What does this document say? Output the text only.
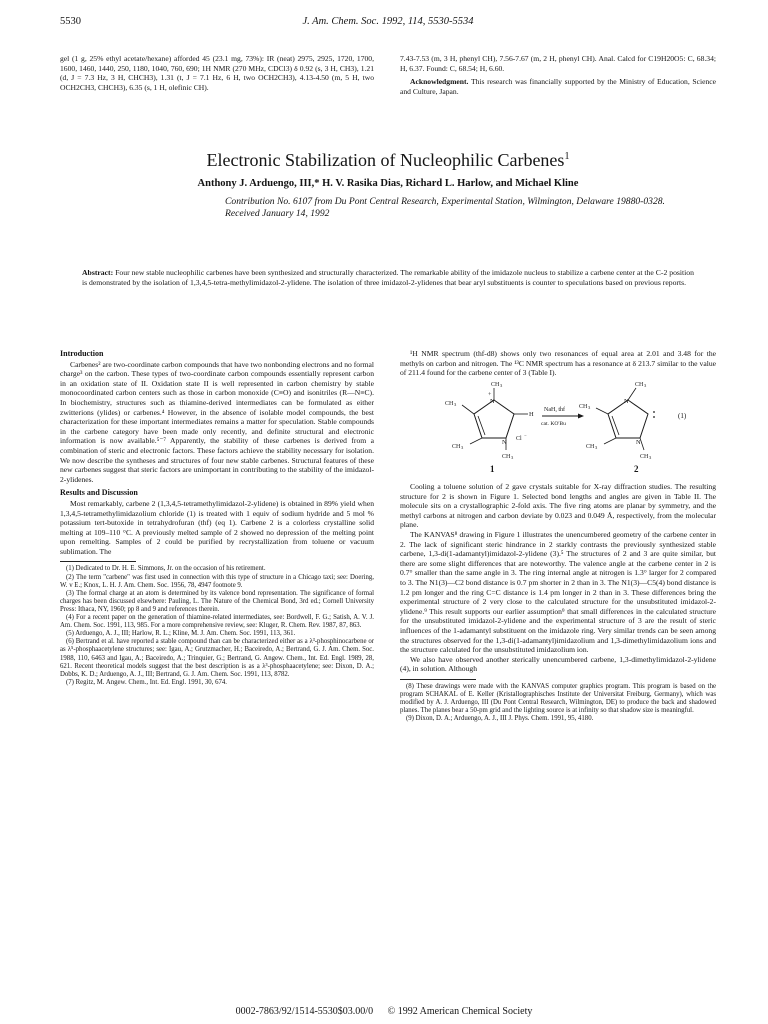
5530	J. Am. Chem. Soc. 1992, 114, 5530-5534

gel (1 g, 25% ethyl acetate/hexane) afforded 45 (23.1 mg, 73%): IR (neat) 2975, 2925, 1720, 1700, 1600, 1460, 1440, 250, 1180, 1040, 760, 690; 1H NMR (270 MHz, CDCl3) δ 0.92 (s, 3 H, CH3), 1.21 (d, J = 7.3 Hz, 3 H, CHCH3), 1.31 (t, J = 7.1 Hz, 6 H, two OCH2CH3), 4.13-4.50 (m, 5 H, two OCH2CH3, CHCH3), 6.35 (s, 1 H, olefinic CH).

7.43-7.53 (m, 3 H, phenyl CH), 7.56-7.67 (m, 2 H, phenyl CH). Anal. Calcd for C19H20O5: C, 68.34; H, 6.37. Found: C, 68.54; H, 6.60.

Acknowledgment. This research was financially supported by the Ministry of Education, Science and Culture, Japan.

Electronic Stabilization of Nucleophilic Carbenes$^1$
Anthony J. Arduengo, III,* H. V. Rasika Dias, Richard L. Harlow, and Michael Kline
Contribution No. 6107 from Du Pont Central Research, Experimental Station, Wilmington, Delaware 19880-0328.   Received January 14, 1992
Abstract: Four new stable nucleophilic carbenes have been synthesized and structurally characterized. The remarkable ability of the imidazole nucleus to stabilize a carbene center at the C-2 position is demonstrated by the isolation of 1,3,4,5-tetra-methylimidazol-2-ylidene. The isolation of three imidazol-2-ylidenes that bear aryl substituents is counter to speculations based on previous reports.

Introduction

Carbenes² are two-coordinate carbon compounds that have two nonbonding electrons and no formal charge³ on the carbon. These types of two-coordinate carbon compounds essentially represent carbon in an oxidation state of II. Oxidation state II is well represented in carbon chemistry by stable monocoordinated carbon centers such as those in carbon monoxide (C≡O) and isonitriles (R—N≡C). In biochemistry, structures such as thiamine-derived intermediates can be formulated as either zwitterions (ylides) or carbenes.⁴ However, in the absence of isolable model compounds, the best characterization for these important intermediates remains a matter for speculation. Stable compounds in the carbene category have been made only recently, and definite structural and electronic information is now available.⁵⁻⁷ Apparently, the stability of these carbenes is derived from a combination of steric and electronic factors. These factors achieve the stability necessary for isolation. We now describe the syntheses and structures of four new stable carbenes. Structural features of these new carbenes suggest that steric factors are unimportant in contributing to the stability of the imidazol-2-ylidenes.

Results and Discussion

Most remarkably, carbene 2 (1,3,4,5-tetramethylimidazol-2-ylidene) is obtained in 89% yield when 1,3,4,5-tetramethylimidazolium chloride (1) is treated with 1 equiv of sodium hydride and 5 mol % potassium tert-butoxide in tetrahydrofuran (thf) (eq 1). Carbene 2 is a colorless crystalline solid melting at 109–110 °C. A previously melted sample of 2 showed no depression of the melting point upon remelting. Samples of 2 could be purified by recrystallization from toluene or vacuum sublimation. The

(1) Dedicated to Dr. H. E. Simmons, Jr. on the occasion of his retirement.

(2) The term "carbene" was first used in connection with this type of structure in a Chicago taxi; see: Doering, W. v E.; Knox, L. H. J. Am. Chem. Soc. 1956, 78, 4947 footnote 9.

(3) The formal charge at an atom is determined by its valence bond representation. The significance of formal charges has been discussed elsewhere: Pauling, L. The Nature of the Chemical Bond, 3rd ed.; Cornell University Press: Ithaca, NY, 1960; pp 8 and 9 and references therein.

(4) For a recent paper on the generation of thiamine-related intermediates, see: Bordwell, F. G.; Satish, A. V. J. Am. Chem. Soc. 1991, 113, 985. For a more comprehensive review, see: Kluger, R. Chem. Rev. 1987, 87, 863.

(5) Arduengo, A. J., III; Harlow, R. L.; Kline, M. J. Am. Chem. Soc. 1991, 113, 361.

(6) Bertrand et al. have reported a stable compound than can be characterized either as a λ³-phosphinocarbene or as λ⁵-phosphaacetylene structures; see: Igau, A.; Grutzmacher, H.; Baceiredo, A.; Bertrand, G. J. Am. Chem. Soc. 1988, 110, 6463 and Igau, A.; Baceiredo, A.; Trinquier, G.; Bertrand, G. Angew. Chem., Int. Ed. Engl. 1989, 28, 621. Recent theoretical models suggest that the best description is as a λ³-phosphaacetylene; see: Dixon, D. A.; Dobbs, K. D.; Arduengo, A. J., III; Bertrand, G. J. Am. Chem. Soc. 1991, 113, 8782.

(7) Regitz, M. Angew. Chem., Int. Ed. Engl. 1991, 30, 674.

¹H NMR spectrum (thf-d8) shows only two resonances of equal area at 2.01 and 3.48 for the methyls on carbon and nitrogen. The ¹³C NMR spectrum has a resonance at δ 213.7 similar to the value of 211.4 found for the carbene center of 3 (Table I).

CH 3
N
+
H
CH 3
CH 3
N Cl
−
CH 3
1
NaH, thf
cat. KO'Bu
CH 3
N
CH 3
CH 3
N
CH 3
2
(1)

Cooling a toluene solution of 2 gave crystals suitable for X-ray diffraction studies. The resulting structure for 2 is shown in Figure 1. Selected bond lengths and angles are given in Table II. The molecule sits on a crystallographic 2-fold axis. The five ring atoms are planar by symmetry, and the methyl carbons at nitrogen and carbon deviate by 0.023 and 0.049 Å, respectively, from the molecular plane.

The KANVAS⁸ drawing in Figure 1 illustrates the unencumbered geometry of the carbene center in 2. The lack of significant steric hindrance in 2 starkly contrasts the previously synthesized stable carbene, 1,3-di(1-adamantyl)imidazol-2-ylidene (3).⁵ The structures of 2 and 3 are quite similar, but there are some slight differences that are noteworthy. The valence angle at the carbene center in 2 is 0.7° smaller than the same angle in 3. The ring internal angle at nitrogen is 1.3° larger for 2 compared to 3. The N1(3)—C2 bond distance is 0.7 pm shorter in 2 than in 3. The N1(3)—C5(4) bond distance is 1.2 pm longer and the ring C=C distance is 1.4 pm longer in 2 than in 3. These differences bring the experimental structure of 2 very close to the calculated structure for the unsubstituted imidazol-2-ylidene.⁹ This result supports our earlier assumption⁹ that small differences in the calculated structure for the unsubstituted imidazol-2-ylidene and the experimental structure of 3 are the result of steric influences of the 1-adamantyl substituent on the imidazole ring. Very similar trends can be seen among the structures observed for the 1,3-di(1-adamantyl)imidazolium and 1,3-dimethylimidazolium ions and the structure calculated for the unsubstituted imidazolium ion.

We also have observed another sterically unencumbered carbene, 1,3-dimethylimidazol-2-ylidene (4), in solution. Although

(8) These drawings were made with the KANVAS computer graphics program. This program is based on the program SCHAKAL of E. Keller (Kristallographisches Institute der Universitat Freiburg, Germany), which was modified by A. J. Arduengo, III (Du Pont Central Research, Wilmington, DE) to produce the back and shadowed planes. The planes bear a 50-pm grid and the lighting source is at infinity so that shadow size is meaningful.

(9) Dixon, D. A.; Arduengo, A. J., III J. Phys. Chem. 1991, 95, 4180.

0002-7863/92/1514-5530$03.00/0 © 1992 American Chemical Society
